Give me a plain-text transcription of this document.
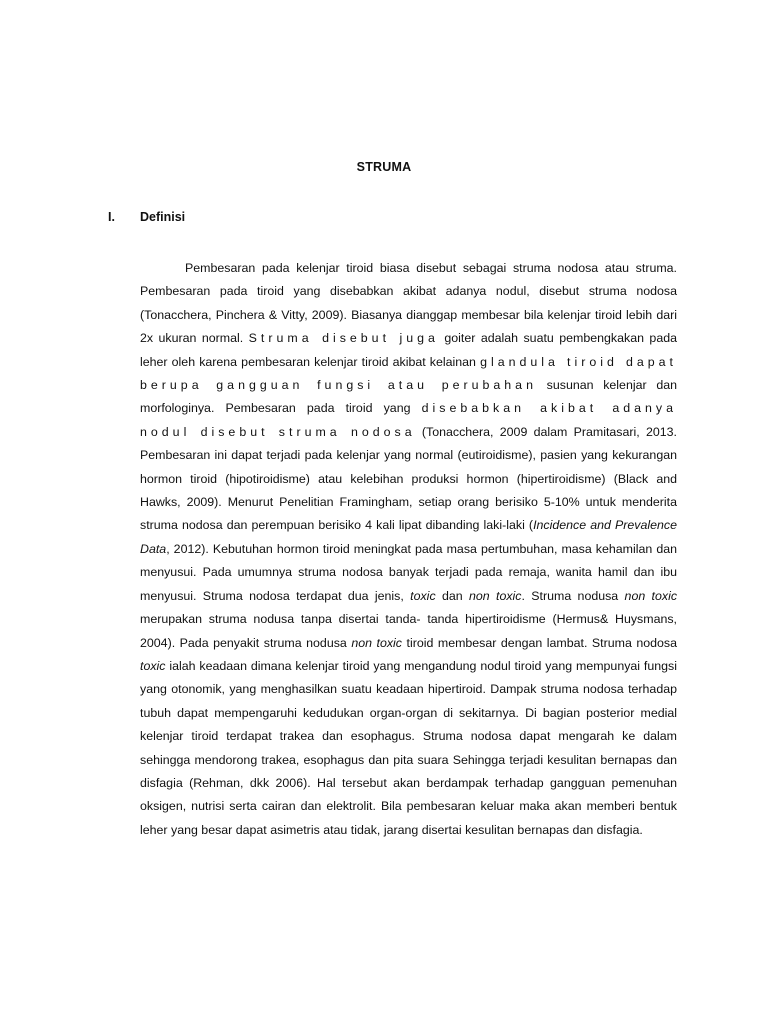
STRUMA
I. Definisi

Pembesaran pada kelenjar tiroid biasa disebut sebagai struma nodosa atau struma. Pembesaran pada tiroid yang disebabkan akibat adanya nodul, disebut struma nodosa (Tonacchera, Pinchera & Vitty, 2009). Biasanya dianggap membesar bila kelenjar tiroid lebih dari 2x ukuran normal. Struma disebut juga goiter adalah suatu pembengkakan pada leher oleh karena pembesaran kelenjar tiroid akibat kelainan glandula tiroid dapat berupa gangguan fungsi atau perubahan susunan kelenjar dan morfologinya. Pembesaran pada tiroid yang disebabkan akibat adanya nodul disebut struma nodosa (Tonacchera, 2009 dalam Pramitasari, 2013. Pembesaran ini dapat terjadi pada kelenjar yang normal (eutiroidisme), pasien yang kekurangan hormon tiroid (hipotiroidisme) atau kelebihan produksi hormon (hipertiroidisme) (Black and Hawks, 2009). Menurut Penelitian Framingham, setiap orang berisiko 5-10% untuk menderita struma nodosa dan perempuan berisiko 4 kali lipat dibanding laki-laki (Incidence and Prevalence Data, 2012). Kebutuhan hormon tiroid meningkat pada masa pertumbuhan, masa kehamilan dan menyusui. Pada umumnya struma nodosa banyak terjadi pada remaja, wanita hamil dan ibu menyusui. Struma nodosa terdapat dua jenis, toxic dan non toxic. Struma nodusa non toxic merupakan struma nodusa tanpa disertai tanda- tanda hipertiroidisme (Hermus& Huysmans, 2004). Pada penyakit struma nodusa non toxic tiroid membesar dengan lambat. Struma nodosa toxic ialah keadaan dimana kelenjar tiroid yang mengandung nodul tiroid yang mempunyai fungsi yang otonomik, yang menghasilkan suatu keadaan hipertiroid. Dampak struma nodosa terhadap tubuh dapat mempengaruhi kedudukan organ-organ di sekitarnya. Di bagian posterior medial kelenjar tiroid terdapat trakea dan esophagus. Struma nodosa dapat mengarah ke dalam sehingga mendorong trakea, esophagus dan pita suara Sehingga terjadi kesulitan bernapas dan disfagia (Rehman, dkk 2006). Hal tersebut akan berdampak terhadap gangguan pemenuhan oksigen, nutrisi serta cairan dan elektrolit. Bila pembesaran keluar maka akan memberi bentuk leher yang besar dapat asimetris atau tidak, jarang disertai kesulitan bernapas dan disfagia.
